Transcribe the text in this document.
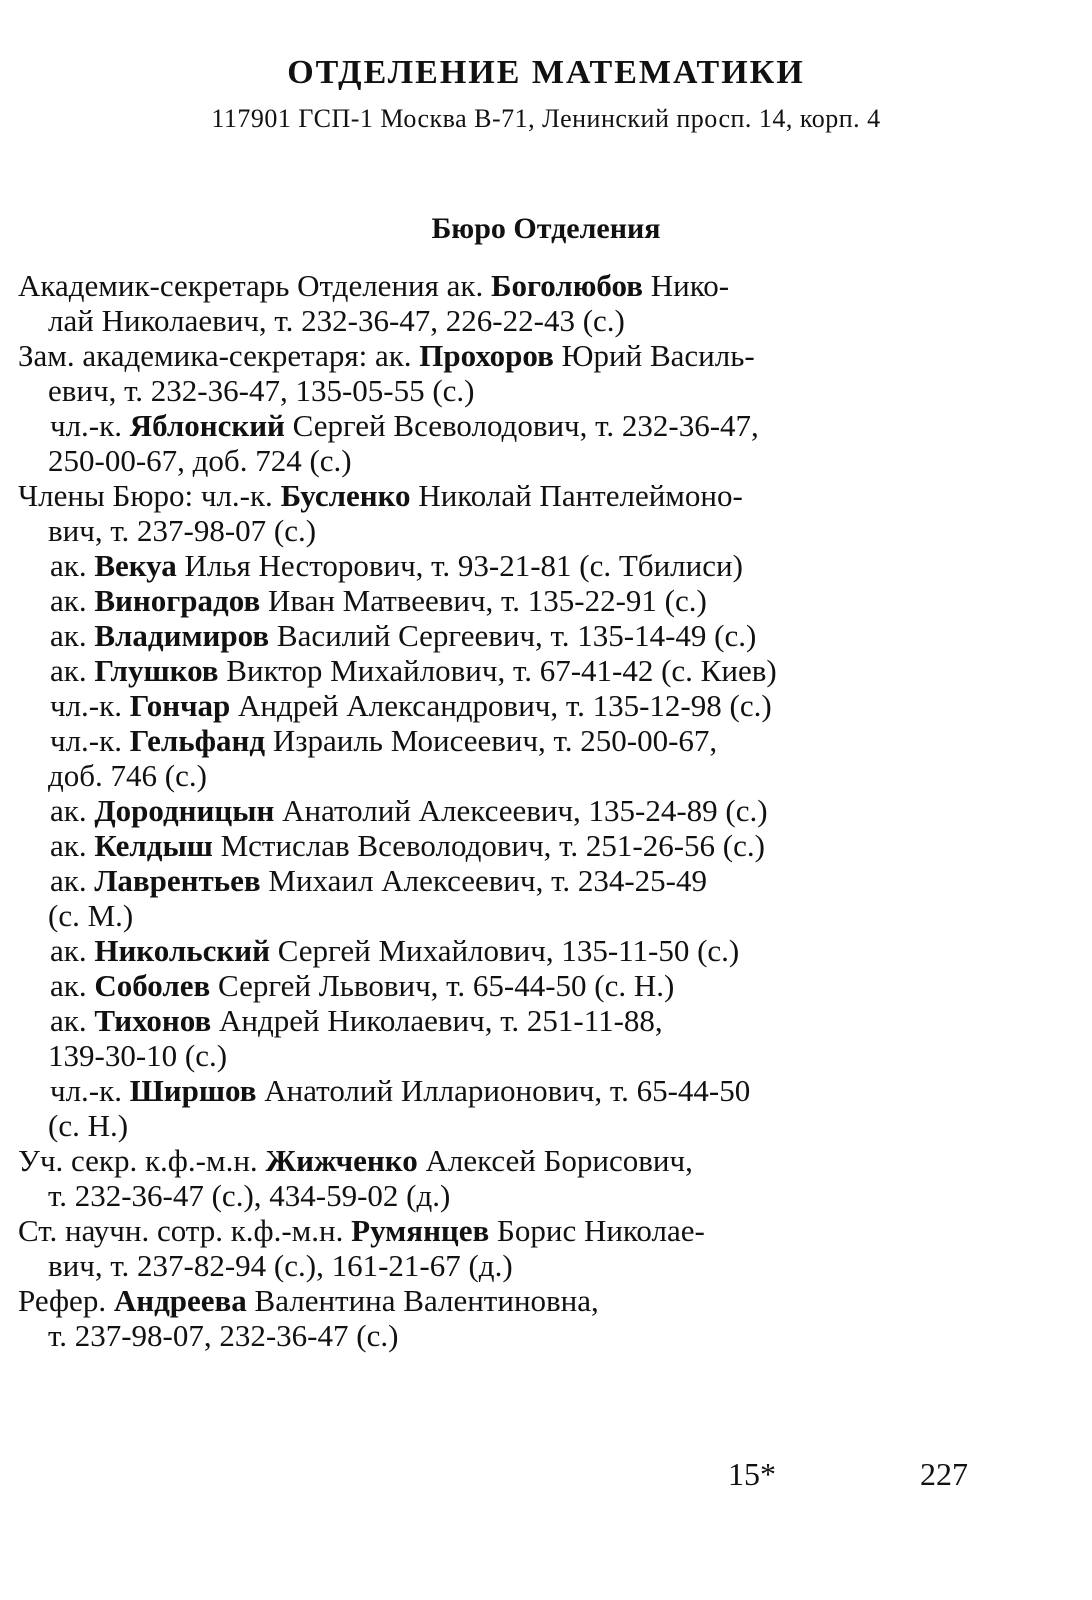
ОТДЕЛЕНИЕ МАТЕМАТИКИ
117901 ГСП-1 Москва В-71, Ленинский просп. 14, корп. 4
Бюро Отделения
Академик-секретарь Отделения ак. Боголюбов Нико-
лай Николаевич, т. 232-36-47, 226-22-43 (с.)
Зам. академика-секретаря: ак. Прохоров Юрий Василь-
евич, т. 232-36-47, 135-05-55 (с.)
чл.-к. Яблонский Сергей Всеволодович, т. 232-36-47,
250-00-67, доб. 724 (с.)
Члены Бюро: чл.-к. Бусленко Николай Пантелеймоно-
вич, т. 237-98-07 (с.)
ак. Векуа Илья Несторович, т. 93-21-81 (с. Тбилиси)
ак. Виноградов Иван Матвеевич, т. 135-22-91 (с.)
ак. Владимиров Василий Сергеевич, т. 135-14-49 (с.)
ак. Глушков Виктор Михайлович, т. 67-41-42 (с. Киев)
чл.-к. Гончар Андрей Александрович, т. 135-12-98 (с.)
чл.-к. Гельфанд Израиль Моисеевич, т. 250-00-67,
доб. 746 (с.)
ак. Дородницын Анатолий Алексеевич, 135-24-89 (с.)
ак. Келдыш Мстислав Всеволодович, т. 251-26-56 (с.)
ак. Лаврентьев Михаил Алексеевич, т. 234-25-49
(с. М.)
ак. Никольский Сергей Михайлович, 135-11-50 (с.)
ак. Соболев Сергей Львович, т. 65-44-50 (с. Н.)
ак. Тихонов Андрей Николаевич, т. 251-11-88,
139-30-10 (с.)
чл.-к. Ширшов Анатолий Илларионович, т. 65-44-50
(с. Н.)
Уч. секр. к.ф.-м.н. Жижченко Алексей Борисович,
т. 232-36-47 (с.), 434-59-02 (д.)
Ст. научн. сотр. к.ф.-м.н. Румянцев Борис Николае-
вич, т. 237-82-94 (с.), 161-21-67 (д.)
Рефер. Андреева Валентина Валентиновна,
т. 237-98-07, 232-36-47 (с.)
15*	227
